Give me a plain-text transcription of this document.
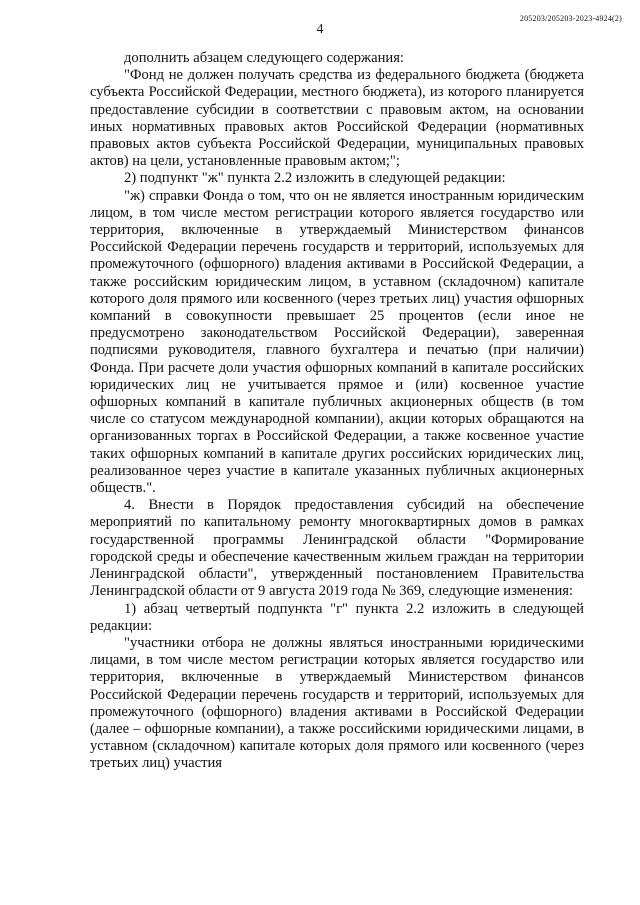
4
205203/205203-2023-4924(2)

дополнить абзацем следующего содержания:

"Фонд не должен получать средства из федерального бюджета (бюджета субъекта Российской Федерации, местного бюджета), из которого планируется предоставление субсидии в соответствии с правовым актом, на основании иных нормативных правовых актов Российской Федерации (нормативных правовых актов субъекта Российской Федерации, муниципальных правовых актов) на цели, установленные правовым актом;";

2) подпункт "ж" пункта 2.2 изложить в следующей редакции:

"ж) справки Фонда о том, что он не является иностранным юридическим лицом, в том числе местом регистрации которого является государство или территория, включенные в утверждаемый Министерством финансов Российской Федерации перечень государств и территорий, используемых для промежуточного (офшорного) владения активами в Российской Федерации, а также российским юридическим лицом, в уставном (складочном) капитале которого доля прямого или косвенного (через третьих лиц) участия офшорных компаний в совокупности превышает 25 процентов (если иное не предусмотрено законодательством Российской Федерации), заверенная подписями руководителя, главного бухгалтера и печатью (при наличии) Фонда. При расчете доли участия офшорных компаний в капитале российских юридических лиц не учитывается прямое и (или) косвенное участие офшорных компаний в капитале публичных акционерных обществ (в том числе со статусом международной компании), акции которых обращаются на организованных торгах в Российской Федерации, а также косвенное участие таких офшорных компаний в капитале других российских юридических лиц, реализованное через участие в капитале указанных публичных акционерных обществ.".

4. Внести в Порядок предоставления субсидий на обеспечение мероприятий по капитальному ремонту многоквартирных домов в рамках государственной программы Ленинградской области "Формирование городской среды и обеспечение качественным жильем граждан на территории Ленинградской области", утвержденный постановлением Правительства Ленинградской области от 9 августа 2019 года № 369, следующие изменения:

1) абзац четвертый подпункта "г" пункта 2.2 изложить в следующей редакции:

"участники отбора не должны являться иностранными юридическими лицами, в том числе местом регистрации которых является государство или территория, включенные в утверждаемый Министерством финансов Российской Федерации перечень государств и территорий, используемых для промежуточного (офшорного) владения активами в Российской Федерации (далее – офшорные компании), а также российскими юридическими лицами, в уставном (складочном) капитале которых доля прямого или косвенного (через третьих лиц) участия
